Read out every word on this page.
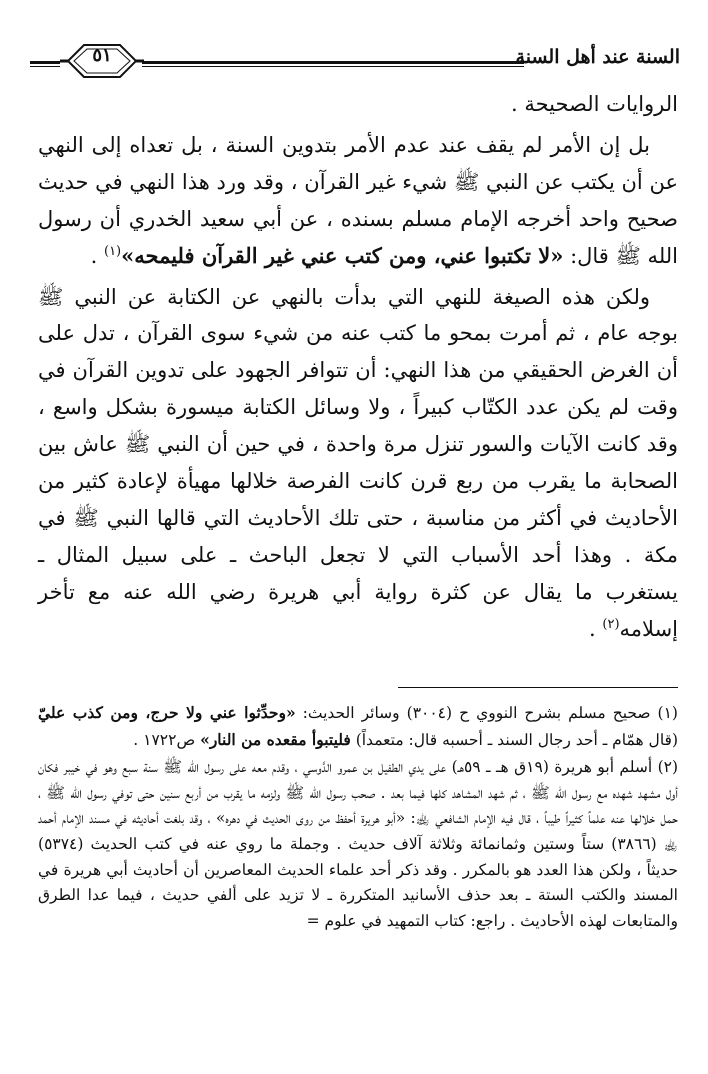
٥١	السنة عند أهل السنة

الروايات الصحيحة .

بل إن الأمر لم يقف عند عدم الأمر بتدوين السنة ، بل تعداه إلى النهي عن أن يكتب عن النبي ﷺ شيء غير القرآن ، وقد ورد هذا النهي في حديث صحيح واحد أخرجه الإمام مسلم بسنده ، عن أبي سعيد الخدري أن رسول الله ﷺ قال: «لا تكتبوا عني، ومن كتب عني غير القرآن فليمحه»$^{(١)}$ .

ولكن هذه الصيغة للنهي التي بدأت بالنهي عن الكتابة عن النبي ﷺ بوجه عام ، ثم أمرت بمحو ما كتب عنه من شيء سوى القرآن ، تدل على أن الغرض الحقيقي من هذا النهي: أن تتوافر الجهود على تدوين القرآن في وقت لم يكن عدد الكتّاب كبيراً ، ولا وسائل الكتابة ميسورة بشكل واسع ، وقد كانت الآيات والسور تنزل مرة واحدة ، في حين أن النبي ﷺ عاش بين الصحابة ما يقرب من ربع قرن كانت الفرصة خلالها مهيأة لإعادة كثير من الأحاديث في أكثر من مناسبة ، حتى تلك الأحاديث التي قالها النبي ﷺ في مكة . وهذا أحد الأسباب التي لا تجعل الباحث ـ على سبيل المثال ـ يستغرب ما يقال عن كثرة رواية أبي هريرة رضي الله عنه مع تأخر إسلامه$^{(٢)}$ .

(١) صحيح مسلم بشرح النووي ح (٣٠٠٤) وسائر الحديث: «وحدِّثوا عني ولا حرج، ومن كذب عليّ (قال همّام ـ أحد رجال السند ـ أحسبه قال: متعمداً) فليتبوأ مقعده من النار» ص١٧٢٢ .

(٢) أسلم أبو هريرة (١٩ق هـ ـ ٥٩هـ) على يدي الطفيل بن عمرو الدَّوسي ، وقدم معه على رسول الله ﷺ سنة سبع وهو في خيبر فكان أول مشهد شهده مع رسول الله ﷺ ، ثم شهد المشاهد كلها فيما بعد . صحب رسول الله ﷺ ولزمه ما يقرب من أربع سنين حتى توفي رسول الله ﷺ ، حمل خلالها عنه علماً كثيراً طيباً ، قال فيه الإمام الشافعي ﵀: «أبو هريرة أحفظ من روى الحديث في دهره» ، وقد بلغت أحاديثه في مسند الإمام أحمد ﵀ (٣٨٦٦) ستاً وستين وثمانمائة وثلاثة آلاف حديث . وجملة ما روي عنه في كتب الحديث (٥٣٧٤) حديثاً ، ولكن هذا العدد هو بالمكرر . وقد ذكر أحد علماء الحديث المعاصرين أن أحاديث أبي هريرة في المسند والكتب الستة ـ بعد حذف الأسانيد المتكررة ـ لا تزيد على ألفي حديث ، فيما عدا الطرق والمتابعات لهذه الأحاديث . راجع: كتاب التمهيد في علوم =
